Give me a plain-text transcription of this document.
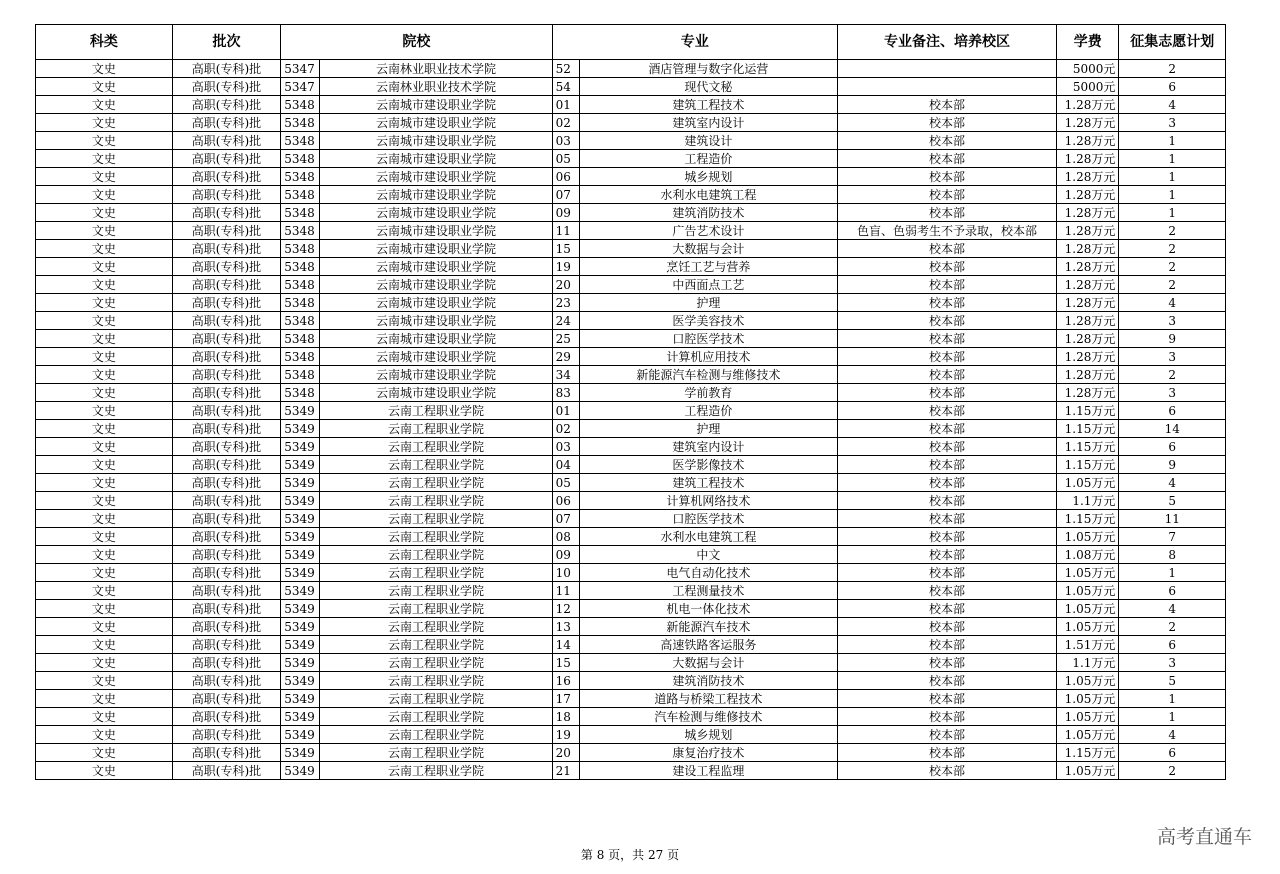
科类	批次	院校		专业		专业备注、培养校区	学费	征集志愿计划
文史	高职(专科)批	5347	云南林业职业技术学院	52	酒店管理与数字化运营		5000元	2
文史	高职(专科)批	5347	云南林业职业技术学院	54	现代文秘		5000元	6
文史	高职(专科)批	5348	云南城市建设职业学院	01	建筑工程技术	校本部	1.28万元	4
文史	高职(专科)批	5348	云南城市建设职业学院	02	建筑室内设计	校本部	1.28万元	3
文史	高职(专科)批	5348	云南城市建设职业学院	03	建筑设计	校本部	1.28万元	1
文史	高职(专科)批	5348	云南城市建设职业学院	05	工程造价	校本部	1.28万元	1
文史	高职(专科)批	5348	云南城市建设职业学院	06	城乡规划	校本部	1.28万元	1
文史	高职(专科)批	5348	云南城市建设职业学院	07	水利水电建筑工程	校本部	1.28万元	1
文史	高职(专科)批	5348	云南城市建设职业学院	09	建筑消防技术	校本部	1.28万元	1
文史	高职(专科)批	5348	云南城市建设职业学院	11	广告艺术设计	色盲、色弱考生不予录取，校本部	1.28万元	2
文史	高职(专科)批	5348	云南城市建设职业学院	15	大数据与会计	校本部	1.28万元	2
文史	高职(专科)批	5348	云南城市建设职业学院	19	烹饪工艺与营养	校本部	1.28万元	2
文史	高职(专科)批	5348	云南城市建设职业学院	20	中西面点工艺	校本部	1.28万元	2
文史	高职(专科)批	5348	云南城市建设职业学院	23	护理	校本部	1.28万元	4
文史	高职(专科)批	5348	云南城市建设职业学院	24	医学美容技术	校本部	1.28万元	3
文史	高职(专科)批	5348	云南城市建设职业学院	25	口腔医学技术	校本部	1.28万元	9
文史	高职(专科)批	5348	云南城市建设职业学院	29	计算机应用技术	校本部	1.28万元	3
文史	高职(专科)批	5348	云南城市建设职业学院	34	新能源汽车检测与维修技术	校本部	1.28万元	2
文史	高职(专科)批	5348	云南城市建设职业学院	83	学前教育	校本部	1.28万元	3
文史	高职(专科)批	5349	云南工程职业学院	01	工程造价	校本部	1.15万元	6
文史	高职(专科)批	5349	云南工程职业学院	02	护理	校本部	1.15万元	14
文史	高职(专科)批	5349	云南工程职业学院	03	建筑室内设计	校本部	1.15万元	6
文史	高职(专科)批	5349	云南工程职业学院	04	医学影像技术	校本部	1.15万元	9
文史	高职(专科)批	5349	云南工程职业学院	05	建筑工程技术	校本部	1.05万元	4
文史	高职(专科)批	5349	云南工程职业学院	06	计算机网络技术	校本部	1.1万元	5
文史	高职(专科)批	5349	云南工程职业学院	07	口腔医学技术	校本部	1.15万元	11
文史	高职(专科)批	5349	云南工程职业学院	08	水利水电建筑工程	校本部	1.05万元	7
文史	高职(专科)批	5349	云南工程职业学院	09	中文	校本部	1.08万元	8
文史	高职(专科)批	5349	云南工程职业学院	10	电气自动化技术	校本部	1.05万元	1
文史	高职(专科)批	5349	云南工程职业学院	11	工程测量技术	校本部	1.05万元	6
文史	高职(专科)批	5349	云南工程职业学院	12	机电一体化技术	校本部	1.05万元	4
文史	高职(专科)批	5349	云南工程职业学院	13	新能源汽车技术	校本部	1.05万元	2
文史	高职(专科)批	5349	云南工程职业学院	14	高速铁路客运服务	校本部	1.51万元	6
文史	高职(专科)批	5349	云南工程职业学院	15	大数据与会计	校本部	1.1万元	3
文史	高职(专科)批	5349	云南工程职业学院	16	建筑消防技术	校本部	1.05万元	5
文史	高职(专科)批	5349	云南工程职业学院	17	道路与桥梁工程技术	校本部	1.05万元	1
文史	高职(专科)批	5349	云南工程职业学院	18	汽车检测与维修技术	校本部	1.05万元	1
文史	高职(专科)批	5349	云南工程职业学院	19	城乡规划	校本部	1.05万元	4
文史	高职(专科)批	5349	云南工程职业学院	20	康复治疗技术	校本部	1.15万元	6
文史	高职(专科)批	5349	云南工程职业学院	21	建设工程监理	校本部	1.05万元	2
第 8 页，共 27 页
高考直通车
